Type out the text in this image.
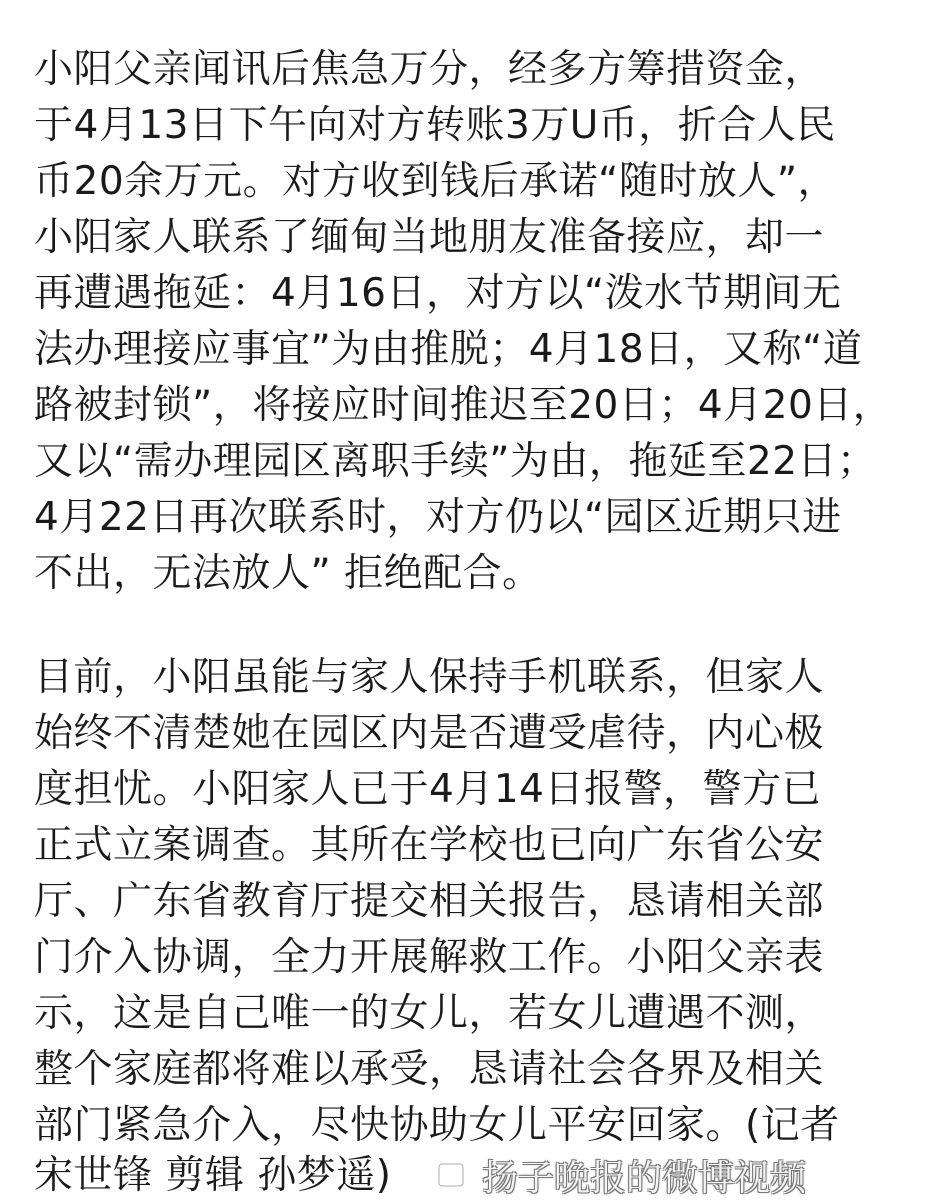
小阳父亲闻讯后焦急万分，经多方筹措资金，
于4月13日下午向对方转账3万U币，折合人民
币20余万元。对方收到钱后承诺“随时放人”，
小阳家人联系了缅甸当地朋友准备接应，却一
再遭遇拖延：4月16日，对方以“泼水节期间无
法办理接应事宜”为由推脱；4月18日，又称“道
路被封锁”，将接应时间推迟至20日；4月20日，
又以“需办理园区离职手续”为由，拖延至22日；
4月22日再次联系时，对方仍以“园区近期只进
不出，无法放人” 拒绝配合。
目前，小阳虽能与家人保持手机联系，但家人
始终不清楚她在园区内是否遭受虐待，内心极
度担忧。小阳家人已于4月14日报警，警方已
正式立案调查。其所在学校也已向广东省公安
厅、广东省教育厅提交相关报告，恳请相关部
门介入协调，全力开展解救工作。小阳父亲表
示，这是自己唯一的女儿，若女儿遭遇不测，
整个家庭都将难以承受，恳请社会各界及相关
部门紧急介入，尽快协助女儿平安回家。(记者
宋世锋 剪辑 孙梦遥)	扬子晚报的微博视频
